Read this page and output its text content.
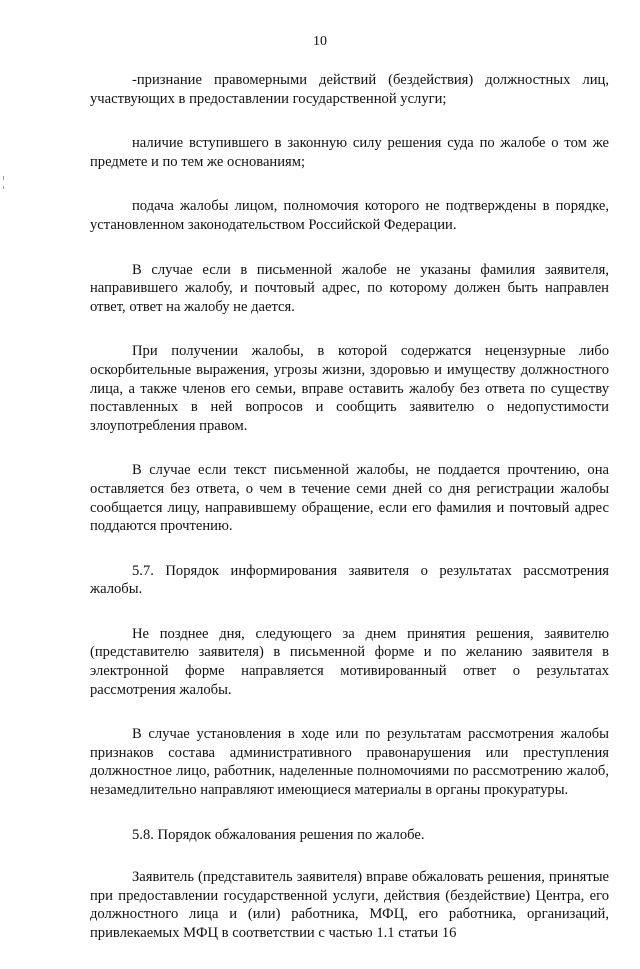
10

-признание правомерными действий (бездействия) должностных лиц, участвующих в предоставлении государственной услуги;

наличие вступившего в законную силу решения суда по жалобе о том же предмете и по тем же основаниям;

подача жалобы лицом, полномочия которого не подтверждены в порядке, установленном законодательством Российской Федерации.

В случае если в письменной жалобе не указаны фамилия заявителя, направившего жалобу, и почтовый адрес, по которому должен быть направлен ответ, ответ на жалобу не дается.

При получении жалобы, в которой содержатся нецензурные либо оскорбительные выражения, угрозы жизни, здоровью и имуществу должностного лица, а также членов его семьи, вправе оставить жалобу без ответа по существу поставленных в ней вопросов и сообщить заявителю о недопустимости злоупотребления правом.

В случае если текст письменной жалобы, не поддается прочтению, она оставляется без ответа, о чем в течение семи дней со дня регистрации жалобы сообщается лицу, направившему обращение, если его фамилия и почтовый адрес поддаются прочтению.

5.7. Порядок информирования заявителя о результатах рассмотрения жалобы.

Не позднее дня, следующего за днем принятия решения, заявителю (представителю заявителя) в письменной форме и по желанию заявителя в электронной форме направляется мотивированный ответ о результатах рассмотрения жалобы.

В случае установления в ходе или по результатам рассмотрения жалобы признаков состава административного правонарушения или преступления должностное лицо, работник, наделенные полномочиями по рассмотрению жалоб, незамедлительно направляют имеющиеся материалы в органы прокуратуры.

5.8. Порядок обжалования решения по жалобе.

Заявитель (представитель заявителя) вправе обжаловать решения, принятые при предоставлении государственной услуги, действия (бездействие) Центра, его должностного лица и (или) работника, МФЦ, его работника, организаций, привлекаемых МФЦ в соответствии с частью 1.1 статьи 16
